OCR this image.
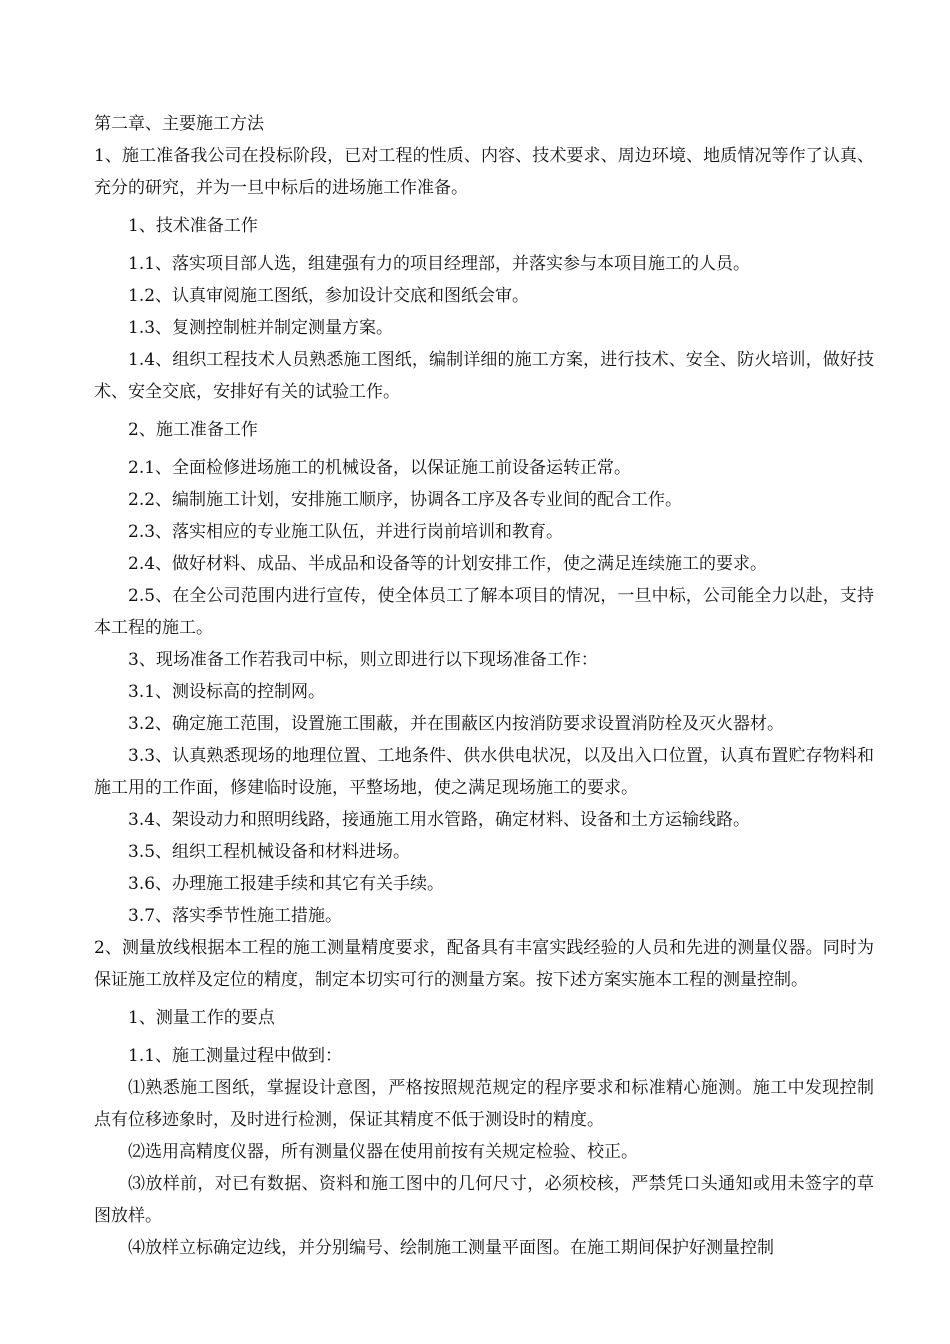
第二章、主要施工方法

1、施工准备我公司在投标阶段，已对工程的性质、内容、技术要求、周边环境、地质情况等作了认真、充分的研究，并为一旦中标后的进场施工作准备。

1、技术准备工作

1.1、落实项目部人选，组建强有力的项目经理部，并落实参与本项目施工的人员。

1.2、认真审阅施工图纸，参加设计交底和图纸会审。

1.3、复测控制桩并制定测量方案。

1.4、组织工程技术人员熟悉施工图纸，编制详细的施工方案，进行技术、安全、防火培训，做好技术、安全交底，安排好有关的试验工作。

2、施工准备工作

2.1、全面检修进场施工的机械设备，以保证施工前设备运转正常。

2.2、编制施工计划，安排施工顺序，协调各工序及各专业间的配合工作。

2.3、落实相应的专业施工队伍，并进行岗前培训和教育。

2.4、做好材料、成品、半成品和设备等的计划安排工作，使之满足连续施工的要求。

2.5、在全公司范围内进行宣传，使全体员工了解本项目的情况，一旦中标，公司能全力以赴，支持本工程的施工。

3、现场准备工作若我司中标，则立即进行以下现场准备工作：

3.1、测设标高的控制网。

3.2、确定施工范围，设置施工围蔽，并在围蔽区内按消防要求设置消防栓及灭火器材。

3.3、认真熟悉现场的地理位置、工地条件、供水供电状况，以及出入口位置，认真布置贮存物料和施工用的工作面，修建临时设施，平整场地，使之满足现场施工的要求。

3.4、架设动力和照明线路，接通施工用水管路，确定材料、设备和土方运输线路。

3.5、组织工程机械设备和材料进场。

3.6、办理施工报建手续和其它有关手续。

3.7、落实季节性施工措施。

2、测量放线根据本工程的施工测量精度要求，配备具有丰富实践经验的人员和先进的测量仪器。同时为保证施工放样及定位的精度，制定本切实可行的测量方案。按下述方案实施本工程的测量控制。

1、测量工作的要点

1.1、施工测量过程中做到：

⑴熟悉施工图纸，掌握设计意图，严格按照规范规定的程序要求和标准精心施测。施工中发现控制点有位移迹象时，及时进行检测，保证其精度不低于测设时的精度。

⑵选用高精度仪器，所有测量仪器在使用前按有关规定检验、校正。

⑶放样前，对已有数据、资料和施工图中的几何尺寸，必须校核，严禁凭口头通知或用未签字的草图放样。

⑷放样立标确定边线，并分别编号、绘制施工测量平面图。在施工期间保护好测量控制
